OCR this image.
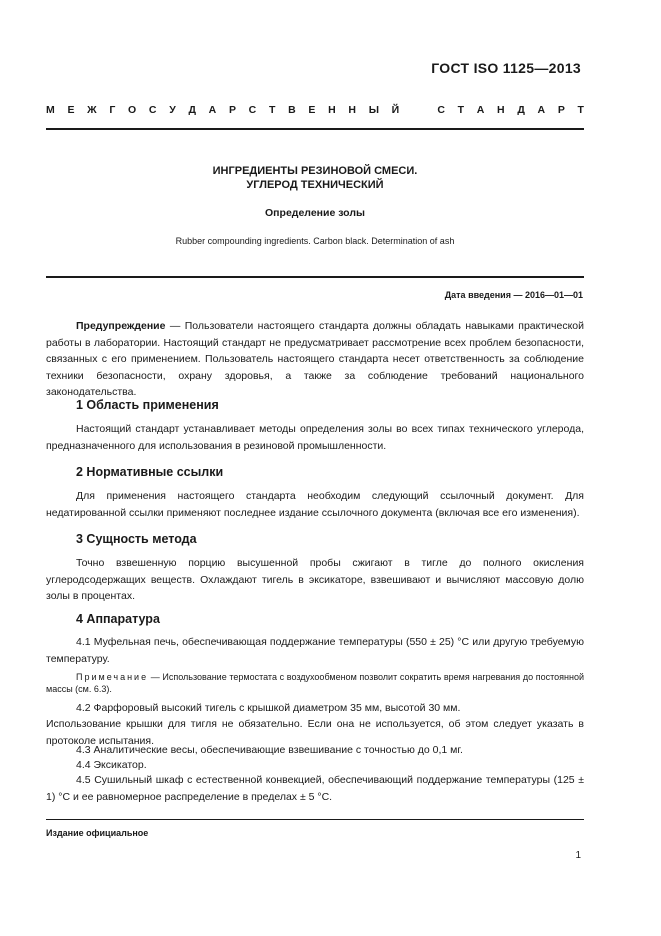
ГОСТ ISO 1125—2013
М Е Ж Г О С У Д А Р С Т В Е Н Н Ы Й	С Т А Н Д А Р Т
ИНГРЕДИЕНТЫ РЕЗИНОВОЙ СМЕСИ.
УГЛЕРОД ТЕХНИЧЕСКИЙ
Определение золы
Rubber compounding ingredients. Carbon black. Determination of ash
Дата введения — 2016—01—01

Предупреждение — Пользователи настоящего стандарта должны обладать навыками практической работы в лаборатории. Настоящий стандарт не предусматривает рассмотрение всех проблем безопасности, связанных с его применением. Пользователь настоящего стандарта несет ответственность за соблюдение техники безопасности, охрану здоровья, а также за соблюдение требований национального законодательства.

1 Область применения

Настоящий стандарт устанавливает методы определения золы во всех типах технического углерода, предназначенного для использования в резиновой промышленности.

2 Нормативные ссылки

Для применения настоящего стандарта необходим следующий ссылочный документ. Для недатированной ссылки применяют последнее издание ссылочного документа (включая все его изменения).

3 Сущность метода

Точно взвешенную порцию высушенной пробы сжигают в тигле до полного окисления углеродсодержащих веществ. Охлаждают тигель в эксикаторе, взвешивают и вычисляют массовую долю золы в процентах.

4 Аппаратура

4.1 Муфельная печь, обеспечивающая поддержание температуры (550 ± 25) °С или другую требуемую температуру.

Примечание — Использование термостата с воздухообменом позволит сократить время нагревания до постоянной массы (см. 6.3).

4.2 Фарфоровый высокий тигель с крышкой диаметром 35 мм, высотой 30 мм.

Использование крышки для тигля не обязательно. Если она не используется, об этом следует указать в протоколе испытания.

4.3 Аналитические весы, обеспечивающие взвешивание с точностью до 0,1 мг.

4.4 Эксикатор.

4.5 Сушильный шкаф с естественной конвекцией, обеспечивающий поддержание температуры (125 ± 1) °С и ее равномерное распределение в пределах ± 5 °С.

Издание официальное
1
